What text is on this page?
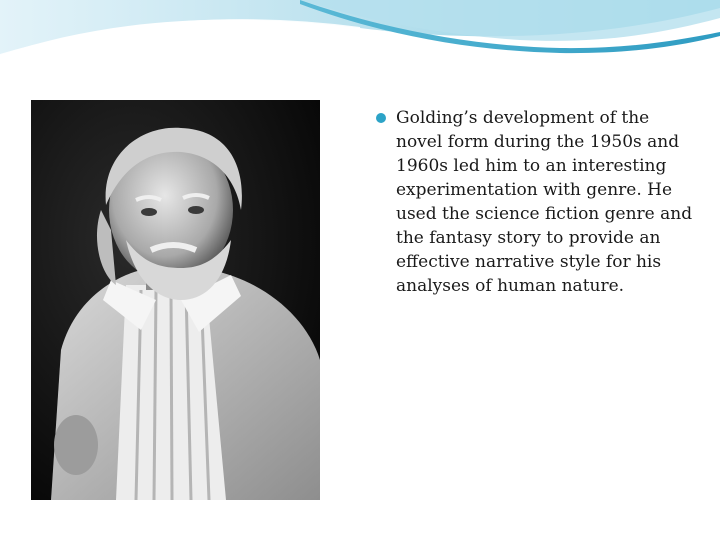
Golding’s development of the novel form during the 1950s and 1960s led him to an interesting experimentation with genre. He used the science fiction genre and the fantasy story to provide an effective narrative style for his analyses of human nature.
